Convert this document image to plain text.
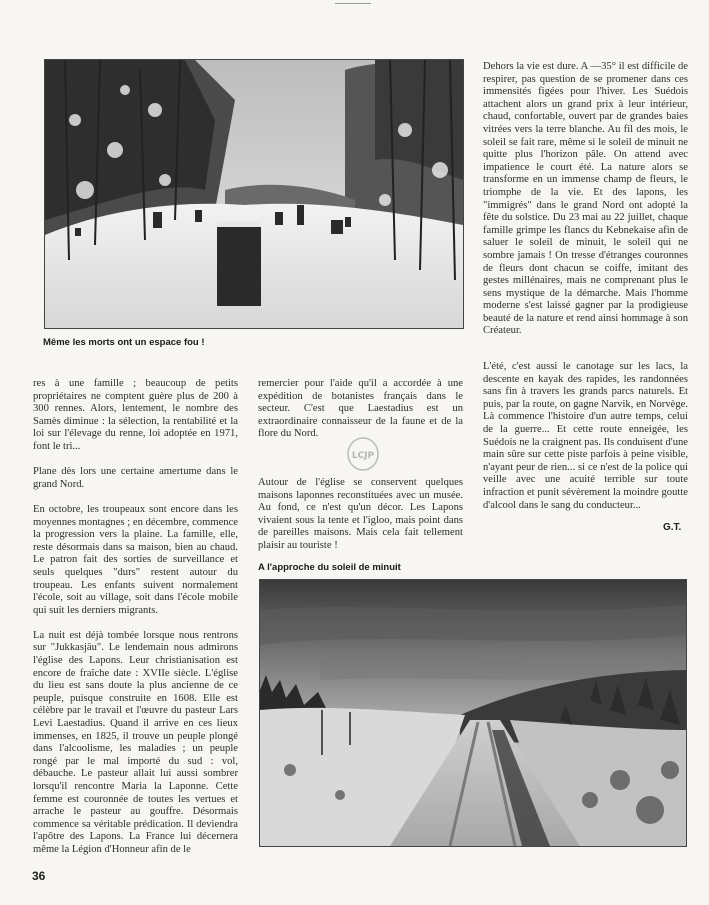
Même les morts ont un espace fou !

Dehors la vie est dure. A —35° il est difficile de respirer, pas question de se promener dans ces immensités figées pour l'hiver. Les Suédois attachent alors un grand prix à leur intérieur, chaud, confortable, ouvert par de grandes baies vitrées vers la terre blanche. Au fil des mois, le soleil se fait rare, même si le soleil de minuit ne quitte plus l'horizon pâle. On attend avec impatience le court été. La nature alors se transforme en un immense champ de fleurs, le triomphe de la vie. Et des lapons, les "immigrés" dans le grand Nord ont adopté la fête du solstice. Du 23 mai au 22 juillet, chaque famille grimpe les flancs du Kebnekaise afin de saluer le soleil de minuit, le soleil qui ne sombre jamais ! On tresse d'étranges couronnes de fleurs dont chacun se coiffe, imitant des gestes millénaires, mais ne comprenant plus le sens mystique de la démarche. Mais l'homme moderne s'est laissé gagner par la prodigieuse beauté de la nature et rend ainsi hommage à son Créateur.

res à une famille ; beaucoup de petits propriétaires ne comptent guère plus de 200 à 300 rennes. Alors, lentement, le nombre des Samès diminue : la sélection, la rentabilité et la loi sur l'élevage du renne, loi adoptée en 1971, font le tri...

Plane dès lors une certaine amertume dans le grand Nord.

En octobre, les troupeaux sont encore dans les moyennes montagnes ; en décembre, commence la progression vers la plaine. La famille, elle, reste désormais dans sa maison, bien au chaud. Le patron fait des sorties de surveillance et seuls quelques "durs" restent autour du troupeau. Les enfants suivent normalement l'école, soit au village, soit dans l'école mobile qui suit les derniers migrants.

La nuit est déjà tombée lorsque nous rentrons sur "Jukkasjäu". Le lendemain nous admirons l'église des Lapons. Leur christianisation est encore de fraîche date : XVIIe siècle. L'église du lieu est sans doute la plus ancienne de ce peuple, puisque construite en 1608. Elle est célèbre par le travail et l'œuvre du pasteur Lars Levi Laestadius. Quand il arrive en ces lieux immenses, en 1825, il trouve un peuple plongé dans l'alcoolisme, les maladies ; un peuple rongé par le mal importé du sud : vol, débauche. Le pasteur allait lui aussi sombrer lorsqu'il rencontre Maria la Laponne. Cette femme est couronnée de toutes les vertues et arrache le pasteur au gouffre. Désormais commence sa véritable prédication. Il deviendra l'apôtre des Lapons. La France lui décernera même la Légion d'Honneur afin de le

remercier pour l'aide qu'il a accordée à une expédition de botanistes français dans le secteur. C'est que Laestadius est un extraordinaire connaisseur de la faune et de la flore du Nord.

Autour de l'église se conservent quelques maisons laponnes reconstituées avec un musée. Au fond, ce n'est qu'un décor. Les Lapons vivaient sous la tente et l'igloo, mais point dans de pareilles maisons. Mais cela fait tellement plaisir au touriste !

LCJP

L'été, c'est aussi le canotage sur les lacs, la descente en kayak des rapides, les randonnées sans fin à travers les grands parcs naturels. Et puis, par la route, on gagne Narvik, en Norvège. Là commence l'histoire d'un autre temps, celui de la guerre... Et cette route enneigée, les Suédois ne la craignent pas. Ils conduisent d'une main sûre sur cette piste parfois à peine visible, n'ayant peur de rien... si ce n'est de la police qui veille avec une acuité terrible sur toute infraction et punit sévèrement la moindre goutte d'alcool dans le sang du conducteur...

G.T.
A l'approche du soleil de minuit
36
